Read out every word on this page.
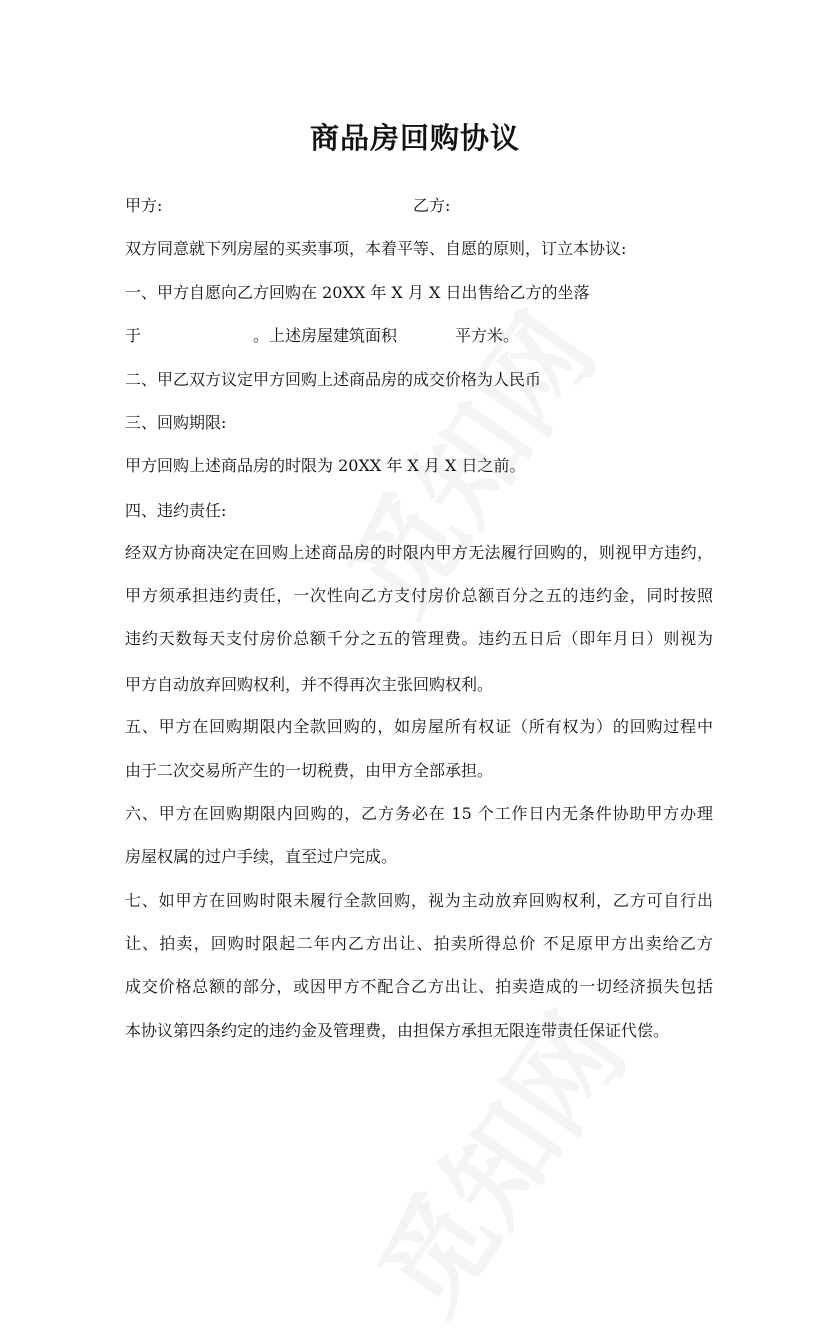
商品房回购协议
甲方:	乙方:
双方同意就下列房屋的买卖事项，本着平等、自愿的原则，订立本协议:
一、甲方自愿向乙方回购在 20XX 年 X 月 X 日出售给乙方的坐落
于	。上述房屋建筑面积	平方米。
二、甲乙双方议定甲方回购上述商品房的成交价格为人民币
三、回购期限:
甲方回购上述商品房的时限为 20XX 年 X 月 X 日之前。
四、违约责任:
经双方协商决定在回购上述商品房的时限内甲方无法履行回购的，则视甲方违约，
甲方须承担违约责任，一次性向乙方支付房价总额百分之五的违约金，同时按照
违约天数每天支付房价总额千分之五的管理费。违约五日后（即年月日）则视为
甲方自动放弃回购权利，并不得再次主张回购权利。
五、甲方在回购期限内全款回购的，如房屋所有权证（所有权为）的回购过程中
由于二次交易所产生的一切税费，由甲方全部承担。
六、甲方在回购期限内回购的，乙方务必在 15 个工作日内无条件协助甲方办理
房屋权属的过户手续，直至过户完成。
七、如甲方在回购时限未履行全款回购，视为主动放弃回购权利，乙方可自行出
让、拍卖，回购时限起二年内乙方出让、拍卖所得总价 不足原甲方出卖给乙方
成交价格总额的部分，或因甲方不配合乙方出让、拍卖造成的一切经济损失包括
本协议第四条约定的违约金及管理费，由担保方承担无限连带责任保证代偿。
